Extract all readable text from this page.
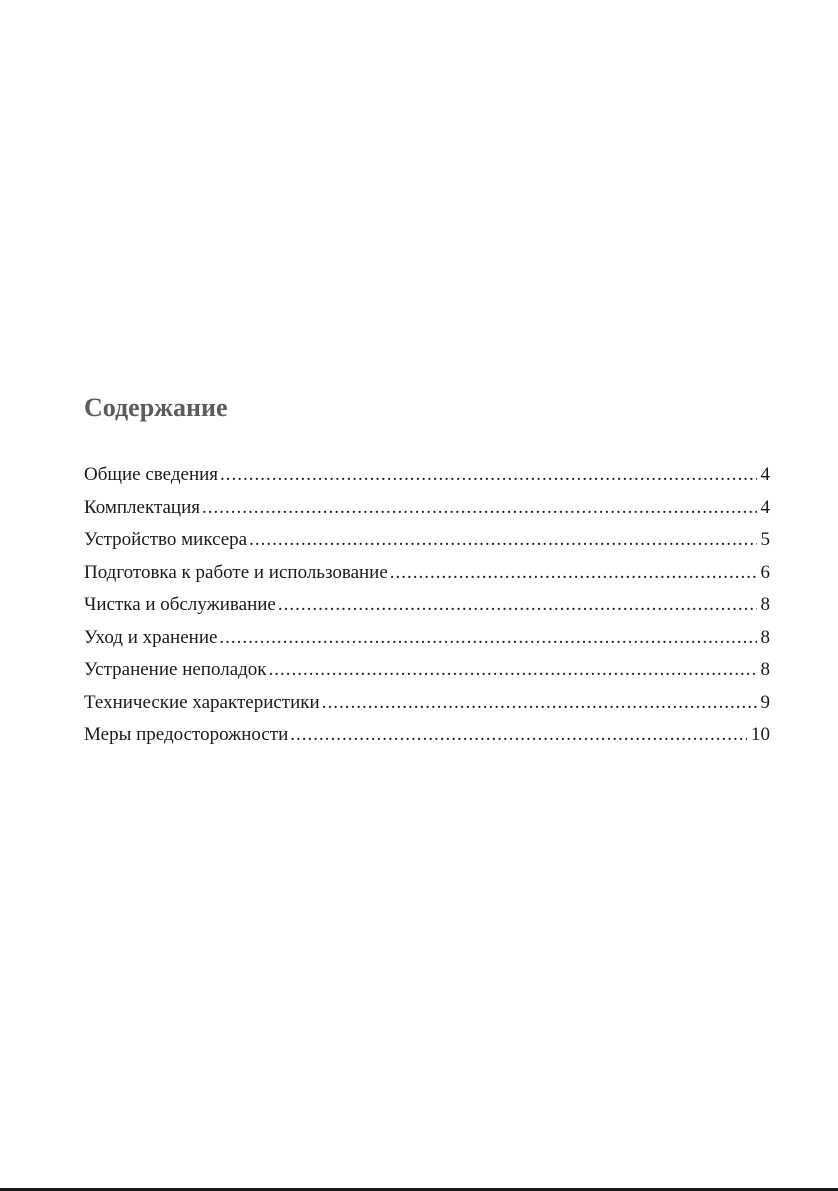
Содержание
Общие сведения .....	4
Комплектация .....	4
Устройство миксера .....	5
Подготовка к работе и использование .....	6
Чистка и обслуживание .....	8
Уход и хранение .....	8
Устранение неполадок .....	8
Технические характеристики .....	9
Меры предосторожности .....	10
